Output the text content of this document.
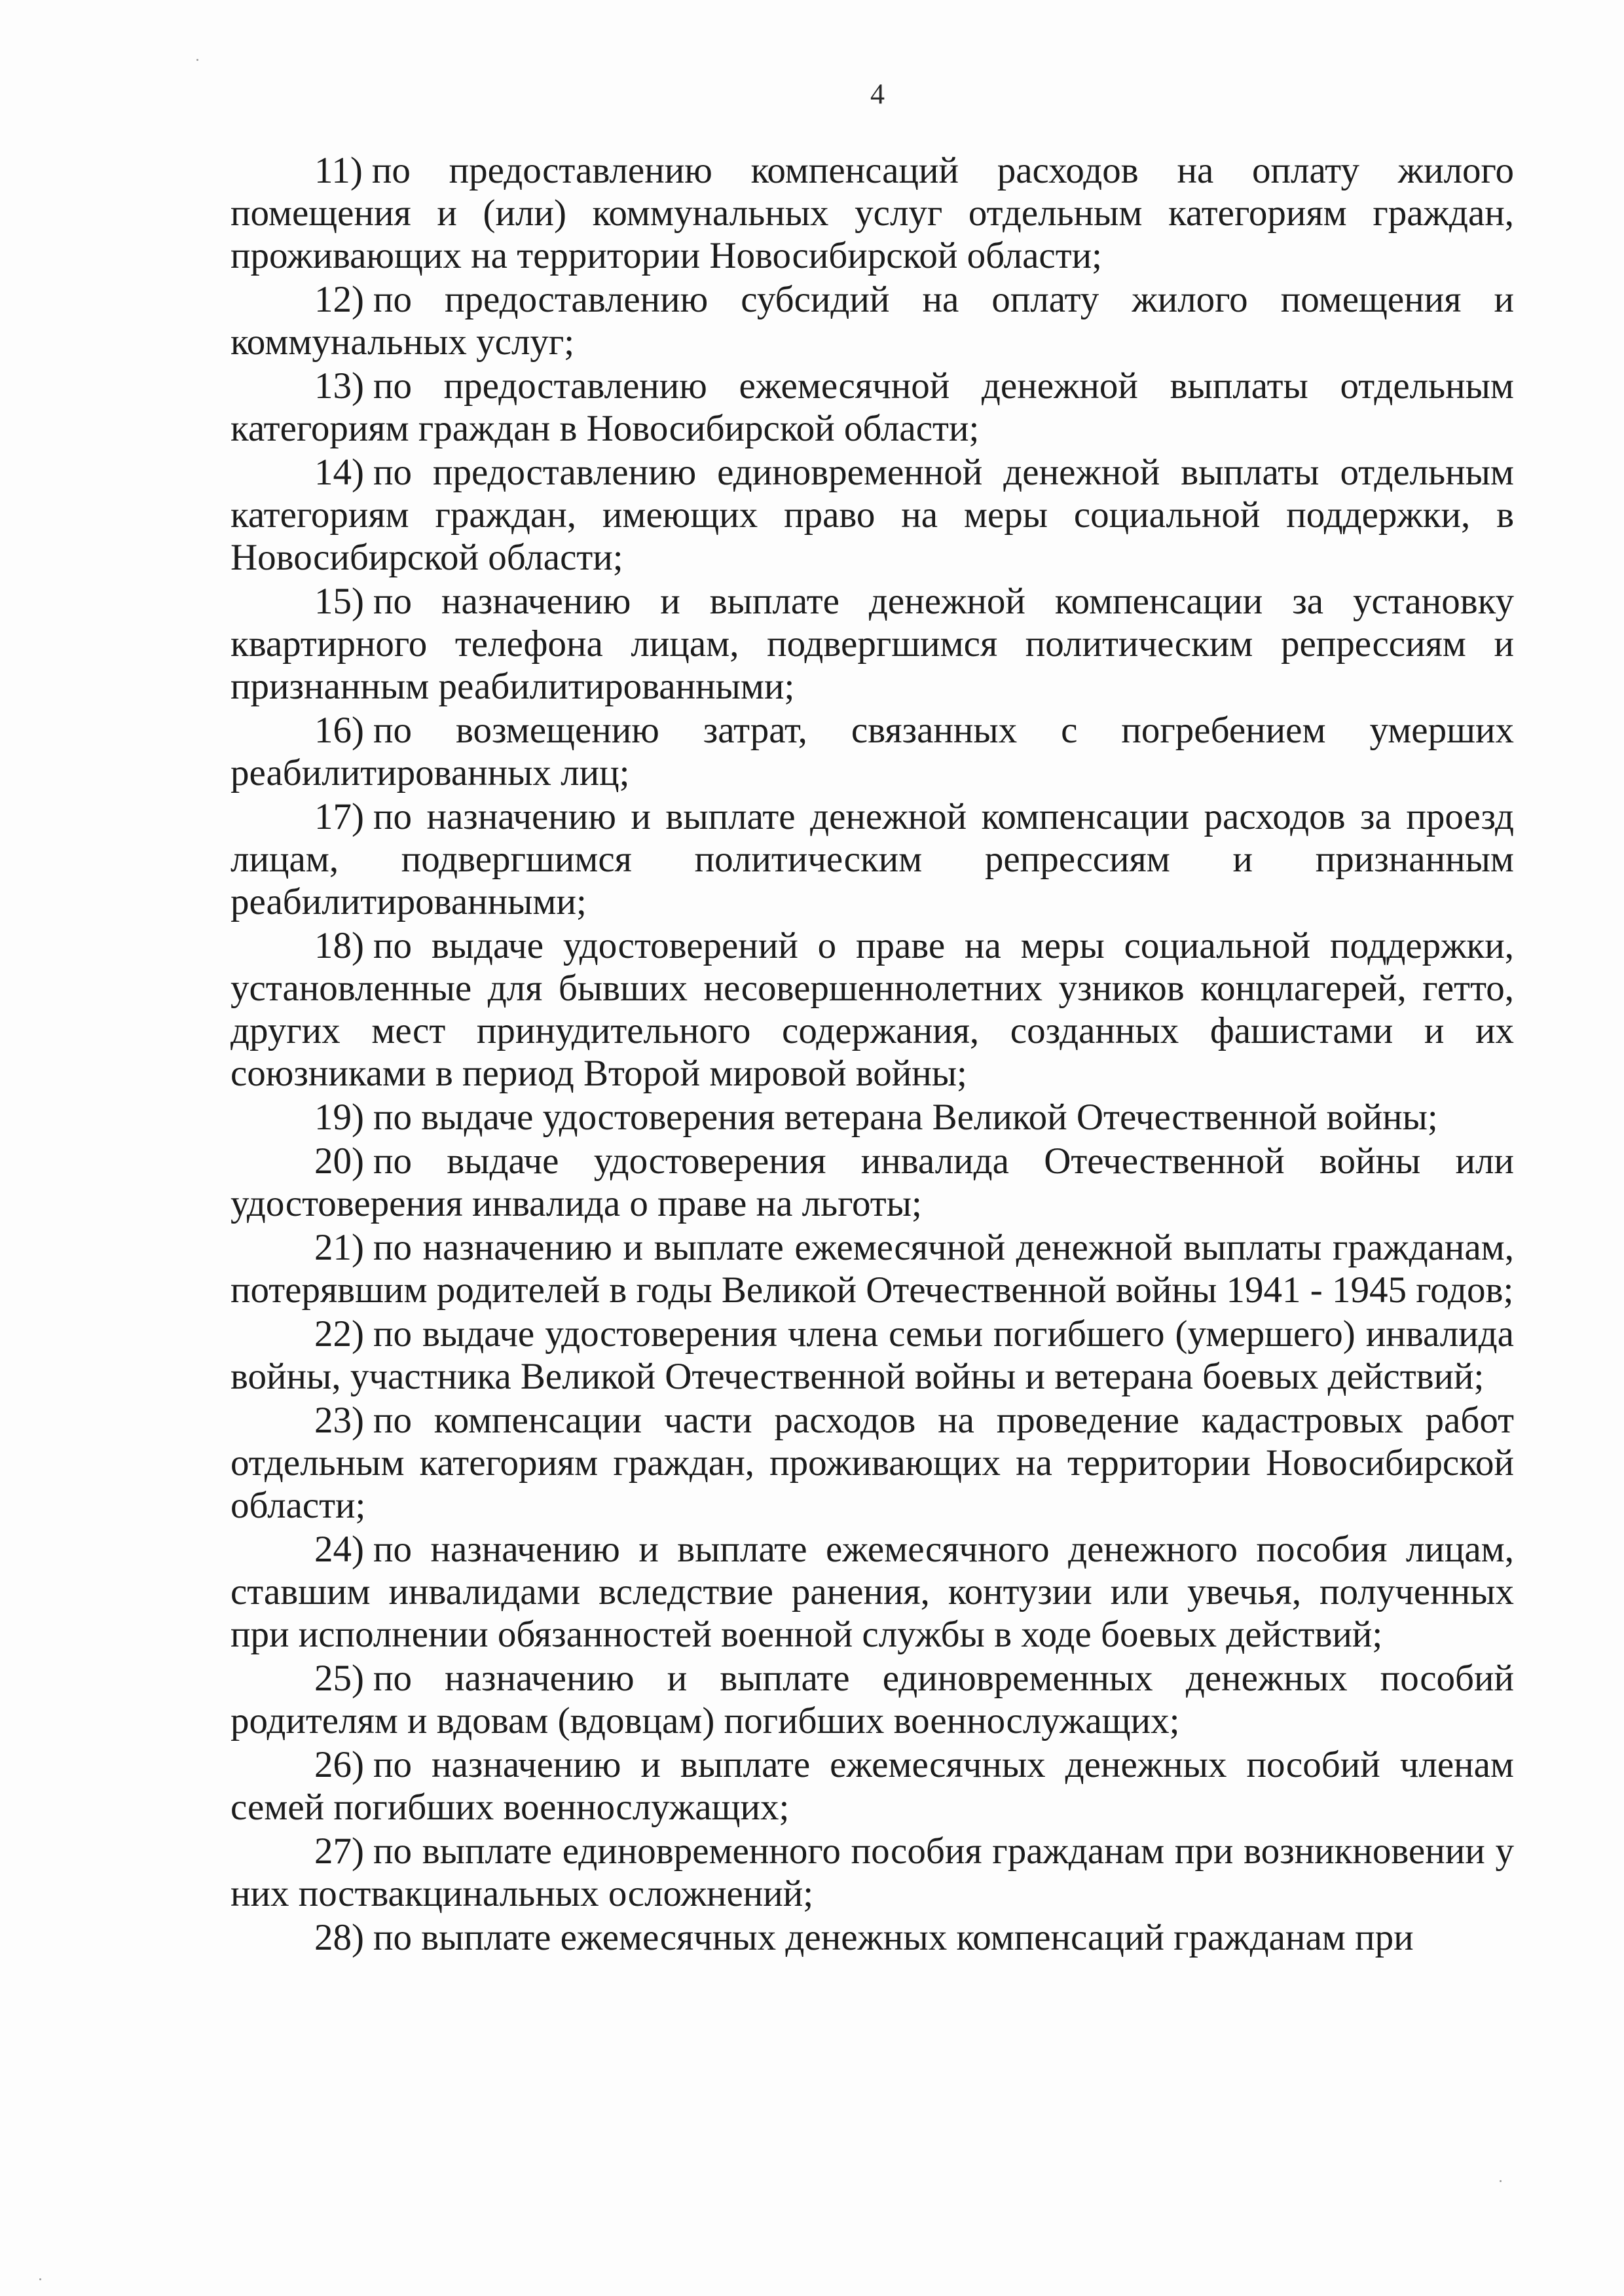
4

11) по предоставлению компенсаций расходов на оплату жилого помещения и (или) коммунальных услуг отдельным категориям граждан, проживающих на территории Новосибирской области;

12) по предоставлению субсидий на оплату жилого помещения и коммунальных услуг;

13) по предоставлению ежемесячной денежной выплаты отдельным категориям граждан в Новосибирской области;

14) по предоставлению единовременной денежной выплаты отдельным категориям граждан, имеющих право на меры социальной поддержки, в Новосибирской области;

15) по назначению и выплате денежной компенсации за установку квартирного телефона лицам, подвергшимся политическим репрессиям и признанным реабилитированными;

16) по возмещению затрат, связанных с погребением умерших реабилитированных лиц;

17) по назначению и выплате денежной компенсации расходов за проезд лицам, подвергшимся политическим репрессиям и признанным реабилитированными;

18) по выдаче удостоверений о праве на меры социальной поддержки, установленные для бывших несовершеннолетних узников концлагерей, гетто, других мест принудительного содержания, созданных фашистами и их союзниками в период Второй мировой войны;

19) по выдаче удостоверения ветерана Великой Отечественной войны;

20) по выдаче удостоверения инвалида Отечественной войны или удостоверения инвалида о праве на льготы;

21) по назначению и выплате ежемесячной денежной выплаты гражданам, потерявшим родителей в годы Великой Отечественной войны 1941 - 1945 годов;

22) по выдаче удостоверения члена семьи погибшего (умершего) инвалида войны, участника Великой Отечественной войны и ветерана боевых действий;

23) по компенсации части расходов на проведение кадастровых работ отдельным категориям граждан, проживающих на территории Новосибирской области;

24) по назначению и выплате ежемесячного денежного пособия лицам, ставшим инвалидами вследствие ранения, контузии или увечья, полученных при исполнении обязанностей военной службы в ходе боевых действий;

25) по назначению и выплате единовременных денежных пособий родителям и вдовам (вдовцам) погибших военнослужащих;

26) по назначению и выплате ежемесячных денежных пособий членам семей погибших военнослужащих;

27) по выплате единовременного пособия гражданам при возникновении у них поствакцинальных осложнений;

28) по выплате ежемесячных денежных компенсаций гражданам при
